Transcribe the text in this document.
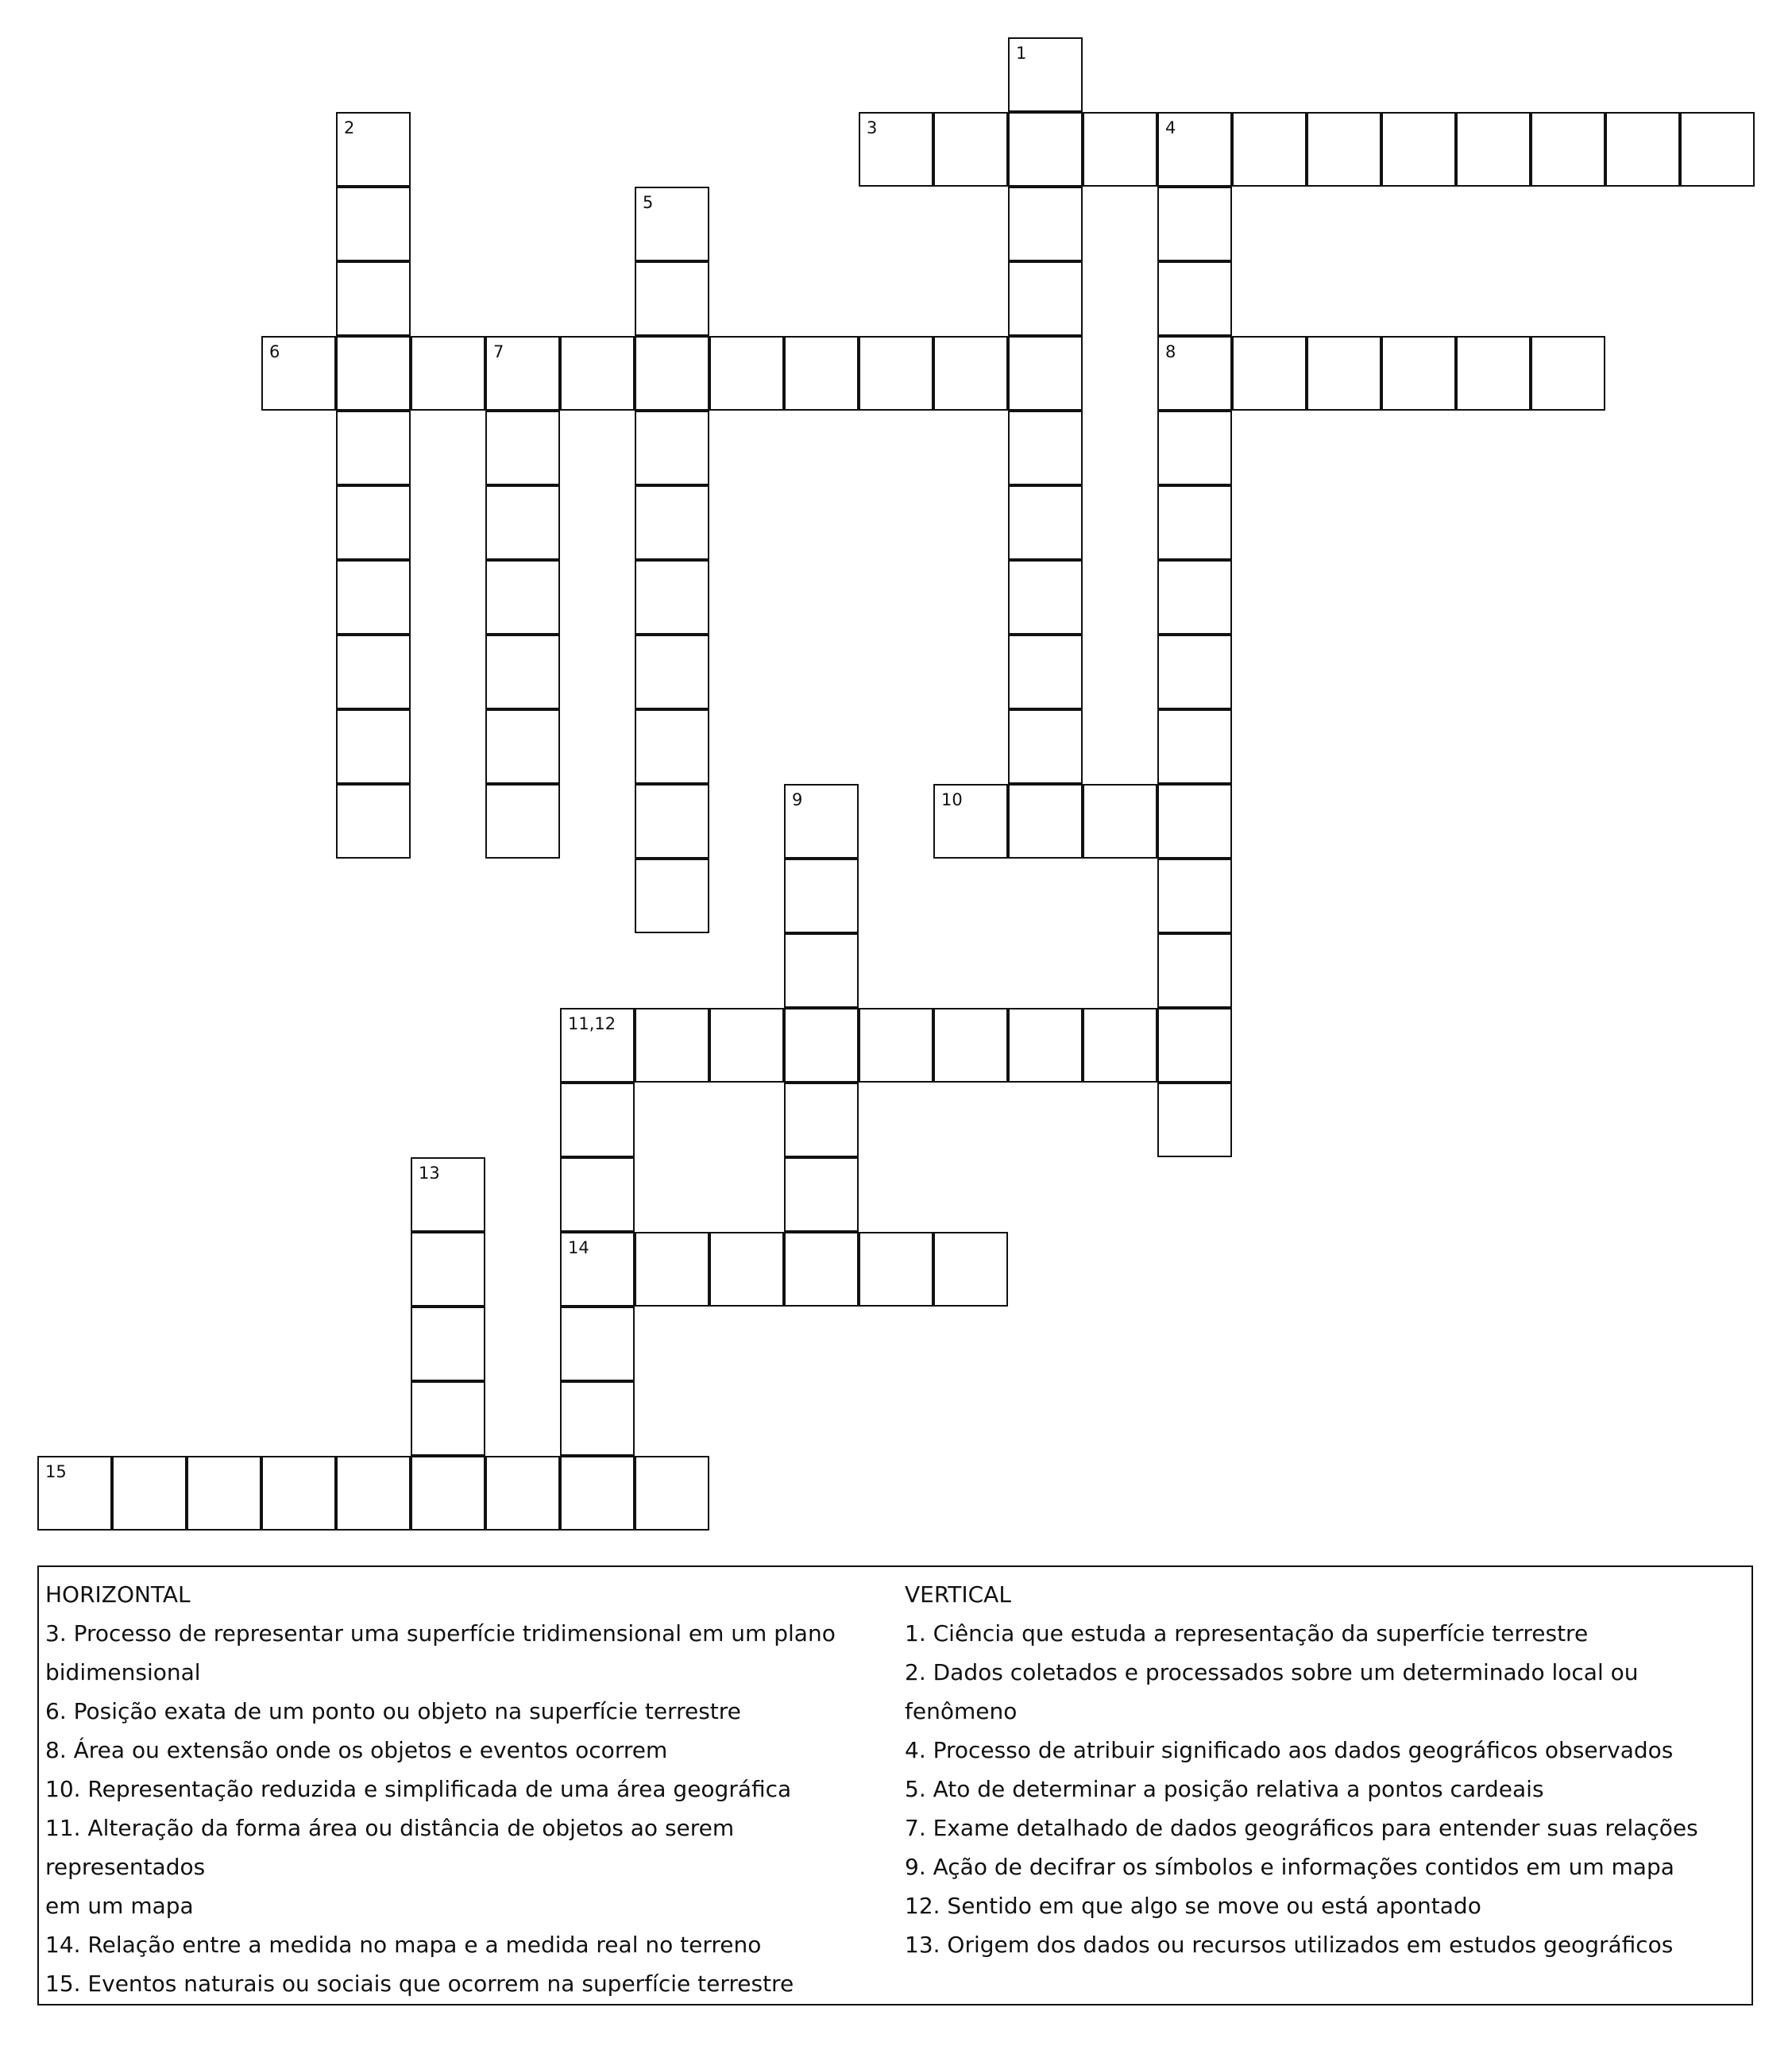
1
2	3	4
8
5
6	7
9	10
11,12
14
13
15
HORIZONTAL
3. Processo de representar uma superfície tridimensional em um plano
bidimensional
6. Posição exata de um ponto ou objeto na superfície terrestre
8. Área ou extensão onde os objetos e eventos ocorrem
10. Representação reduzida e simplificada de uma área geográfica
11. Alteração da forma área ou distância de objetos ao serem representados
em um mapa
14. Relação entre a medida no mapa e a medida real no terreno
15. Eventos naturais ou sociais que ocorrem na superfície terrestre
VERTICAL
1. Ciência que estuda a representação da superfície terrestre
2. Dados coletados e processados sobre um determinado local ou fenômeno
4. Processo de atribuir significado aos dados geográficos observados
5. Ato de determinar a posição relativa a pontos cardeais
7. Exame detalhado de dados geográficos para entender suas relações
9. Ação de decifrar os símbolos e informações contidos em um mapa
12. Sentido em que algo se move ou está apontado
13. Origem dos dados ou recursos utilizados em estudos geográficos
